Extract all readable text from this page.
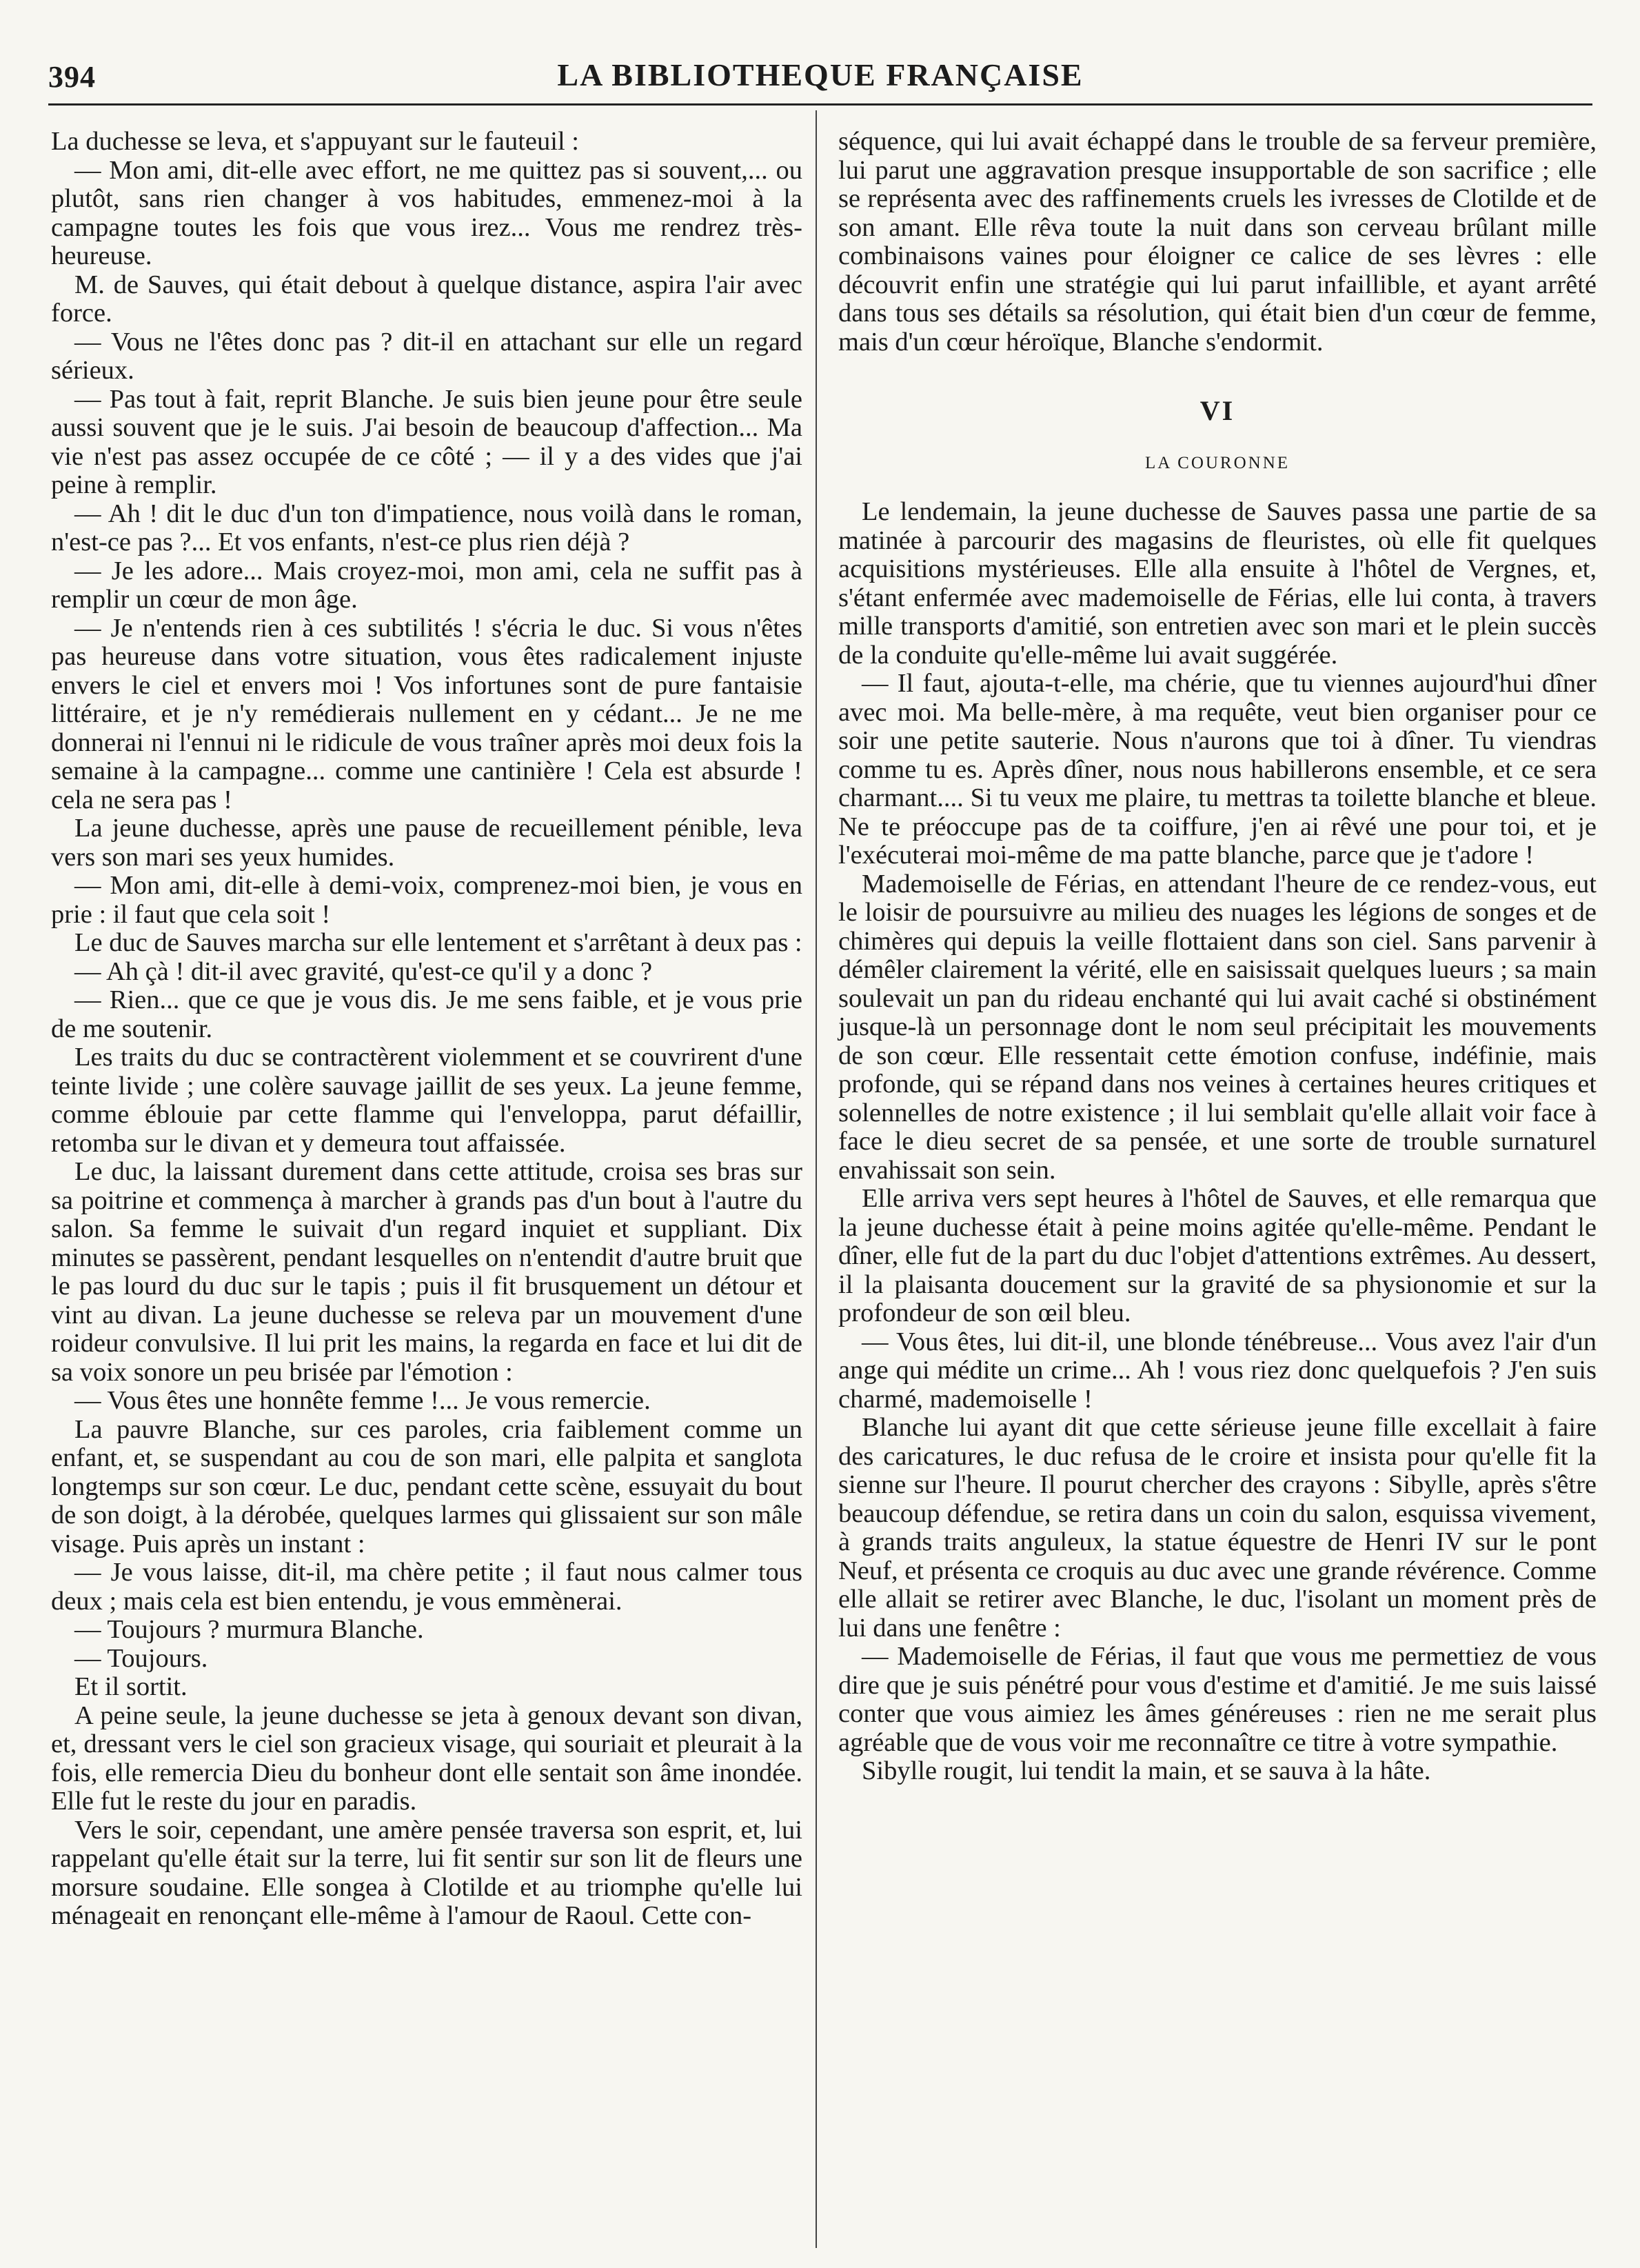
394	LA BIBLIOTHEQUE FRANÇAISE

La duchesse se leva, et s'appuyant sur le fauteuil :

— Mon ami, dit-elle avec effort, ne me quittez pas si souvent,... ou plutôt, sans rien changer à vos habitudes, emmenez-moi à la campagne toutes les fois que vous irez... Vous me rendrez très-heureuse.

M. de Sauves, qui était debout à quelque distance, aspira l'air avec force.

— Vous ne l'êtes donc pas ? dit-il en attachant sur elle un regard sérieux.

— Pas tout à fait, reprit Blanche. Je suis bien jeune pour être seule aussi souvent que je le suis. J'ai besoin de beaucoup d'affection... Ma vie n'est pas assez occupée de ce côté ; — il y a des vides que j'ai peine à remplir.

— Ah ! dit le duc d'un ton d'impatience, nous voilà dans le roman, n'est-ce pas ?... Et vos enfants, n'est-ce plus rien déjà ?

— Je les adore... Mais croyez-moi, mon ami, cela ne suffit pas à remplir un cœur de mon âge.

— Je n'entends rien à ces subtilités ! s'écria le duc. Si vous n'êtes pas heureuse dans votre situation, vous êtes radicalement injuste envers le ciel et envers moi ! Vos infortunes sont de pure fantaisie littéraire, et je n'y remédierais nullement en y cédant... Je ne me donnerai ni l'ennui ni le ridicule de vous traîner après moi deux fois la semaine à la campagne... comme une cantinière ! Cela est absurde ! cela ne sera pas !

La jeune duchesse, après une pause de recueillement pénible, leva vers son mari ses yeux humides.

— Mon ami, dit-elle à demi-voix, comprenez-moi bien, je vous en prie : il faut que cela soit !

Le duc de Sauves marcha sur elle lentement et s'arrêtant à deux pas :

— Ah çà ! dit-il avec gravité, qu'est-ce qu'il y a donc ?

— Rien... que ce que je vous dis. Je me sens faible, et je vous prie de me soutenir.

Les traits du duc se contractèrent violemment et se couvrirent d'une teinte livide ; une colère sauvage jaillit de ses yeux. La jeune femme, comme éblouie par cette flamme qui l'enveloppa, parut défaillir, retomba sur le divan et y demeura tout affaissée.

Le duc, la laissant durement dans cette attitude, croisa ses bras sur sa poitrine et commença à marcher à grands pas d'un bout à l'autre du salon. Sa femme le suivait d'un regard inquiet et suppliant. Dix minutes se passèrent, pendant lesquelles on n'entendit d'autre bruit que le pas lourd du duc sur le tapis ; puis il fit brusquement un détour et vint au divan. La jeune duchesse se releva par un mouvement d'une roideur convulsive. Il lui prit les mains, la regarda en face et lui dit de sa voix sonore un peu brisée par l'émotion :

— Vous êtes une honnête femme !... Je vous remercie.

La pauvre Blanche, sur ces paroles, cria faiblement comme un enfant, et, se suspendant au cou de son mari, elle palpita et sanglota longtemps sur son cœur. Le duc, pendant cette scène, essuyait du bout de son doigt, à la dérobée, quelques larmes qui glissaient sur son mâle visage. Puis après un instant :

— Je vous laisse, dit-il, ma chère petite ; il faut nous calmer tous deux ; mais cela est bien entendu, je vous emmènerai.

— Toujours ? murmura Blanche.

— Toujours.

Et il sortit.

A peine seule, la jeune duchesse se jeta à genoux devant son divan, et, dressant vers le ciel son gracieux visage, qui souriait et pleurait à la fois, elle remercia Dieu du bonheur dont elle sentait son âme inondée. Elle fut le reste du jour en paradis.

Vers le soir, cependant, une amère pensée traversa son esprit, et, lui rappelant qu'elle était sur la terre, lui fit sentir sur son lit de fleurs une morsure soudaine. Elle songea à Clotilde et au triomphe qu'elle lui ménageait en renonçant elle-même à l'amour de Raoul. Cette con-

séquence, qui lui avait échappé dans le trouble de sa ferveur première, lui parut une aggravation presque insupportable de son sacrifice ; elle se représenta avec des raffinements cruels les ivresses de Clotilde et de son amant. Elle rêva toute la nuit dans son cerveau brûlant mille combinaisons vaines pour éloigner ce calice de ses lèvres : elle découvrit enfin une stratégie qui lui parut infaillible, et ayant arrêté dans tous ses détails sa résolution, qui était bien d'un cœur de femme, mais d'un cœur héroïque, Blanche s'endormit.

VI
LA COURONNE

Le lendemain, la jeune duchesse de Sauves passa une partie de sa matinée à parcourir des magasins de fleuristes, où elle fit quelques acquisitions mystérieuses. Elle alla ensuite à l'hôtel de Vergnes, et, s'étant enfermée avec mademoiselle de Férias, elle lui conta, à travers mille transports d'amitié, son entretien avec son mari et le plein succès de la conduite qu'elle-même lui avait suggérée.

— Il faut, ajouta-t-elle, ma chérie, que tu viennes aujourd'hui dîner avec moi. Ma belle-mère, à ma requête, veut bien organiser pour ce soir une petite sauterie. Nous n'aurons que toi à dîner. Tu viendras comme tu es. Après dîner, nous nous habillerons ensemble, et ce sera charmant.... Si tu veux me plaire, tu mettras ta toilette blanche et bleue. Ne te préoccupe pas de ta coiffure, j'en ai rêvé une pour toi, et je l'exécuterai moi-même de ma patte blanche, parce que je t'adore !

Mademoiselle de Férias, en attendant l'heure de ce rendez-vous, eut le loisir de poursuivre au milieu des nuages les légions de songes et de chimères qui depuis la veille flottaient dans son ciel. Sans parvenir à démêler clairement la vérité, elle en saisissait quelques lueurs ; sa main soulevait un pan du rideau enchanté qui lui avait caché si obstinément jusque-là un personnage dont le nom seul précipitait les mouvements de son cœur. Elle ressentait cette émotion confuse, indéfinie, mais profonde, qui se répand dans nos veines à certaines heures critiques et solennelles de notre existence ; il lui semblait qu'elle allait voir face à face le dieu secret de sa pensée, et une sorte de trouble surnaturel envahissait son sein.

Elle arriva vers sept heures à l'hôtel de Sauves, et elle remarqua que la jeune duchesse était à peine moins agitée qu'elle-même. Pendant le dîner, elle fut de la part du duc l'objet d'attentions extrêmes. Au dessert, il la plaisanta doucement sur la gravité de sa physionomie et sur la profondeur de son œil bleu.

— Vous êtes, lui dit-il, une blonde ténébreuse... Vous avez l'air d'un ange qui médite un crime... Ah ! vous riez donc quelquefois ? J'en suis charmé, mademoiselle !

Blanche lui ayant dit que cette sérieuse jeune fille excellait à faire des caricatures, le duc refusa de le croire et insista pour qu'elle fit la sienne sur l'heure. Il pourut chercher des crayons : Sibylle, après s'être beaucoup défendue, se retira dans un coin du salon, esquissa vivement, à grands traits anguleux, la statue équestre de Henri IV sur le pont Neuf, et présenta ce croquis au duc avec une grande révérence. Comme elle allait se retirer avec Blanche, le duc, l'isolant un moment près de lui dans une fenêtre :

— Mademoiselle de Férias, il faut que vous me permettiez de vous dire que je suis pénétré pour vous d'estime et d'amitié. Je me suis laissé conter que vous aimiez les âmes généreuses : rien ne me serait plus agréable que de vous voir me reconnaître ce titre à votre sympathie.

Sibylle rougit, lui tendit la main, et se sauva à la hâte.
